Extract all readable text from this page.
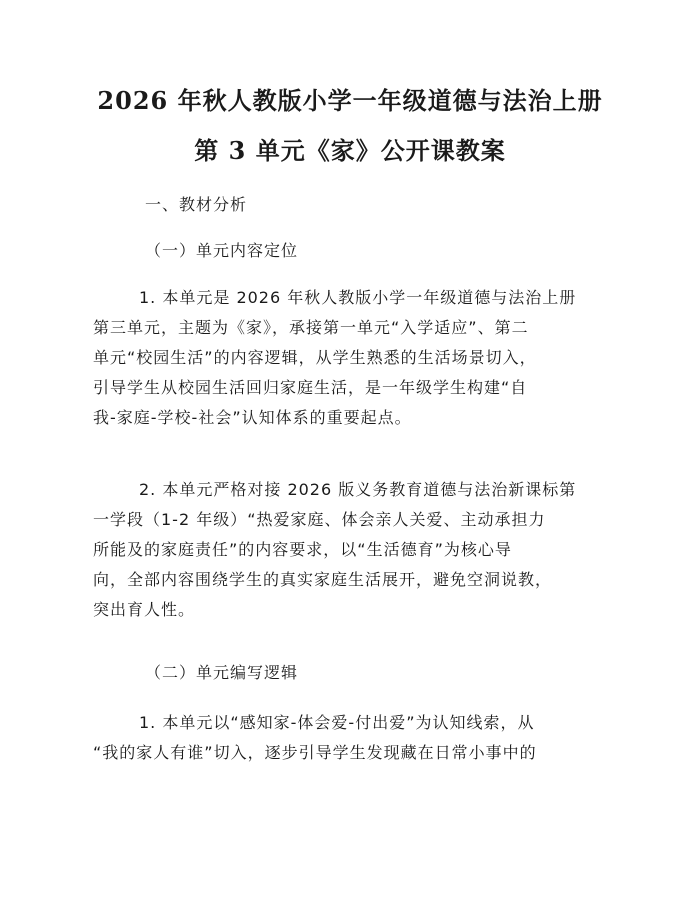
2026 年秋人教版小学一年级道德与法治上册
第 3 单元《家》公开课教案
一、教材分析
（一）单元内容定位
1. 本单元是 2026 年秋人教版小学一年级道德与法治上册
第三单元，主题为《家》，承接第一单元“入学适应”、第二
单元“校园生活”的内容逻辑，从学生熟悉的生活场景切入，
引导学生从校园生活回归家庭生活，是一年级学生构建“自
我-家庭-学校-社会”认知体系的重要起点。
2. 本单元严格对接 2026 版义务教育道德与法治新课标第
一学段（1-2 年级）“热爱家庭、体会亲人关爱、主动承担力
所能及的家庭责任”的内容要求，以“生活德育”为核心导
向，全部内容围绕学生的真实家庭生活展开，避免空洞说教，
突出育人性。
（二）单元编写逻辑
1. 本单元以“感知家-体会爱-付出爱”为认知线索，从
“我的家人有谁”切入，逐步引导学生发现藏在日常小事中的
